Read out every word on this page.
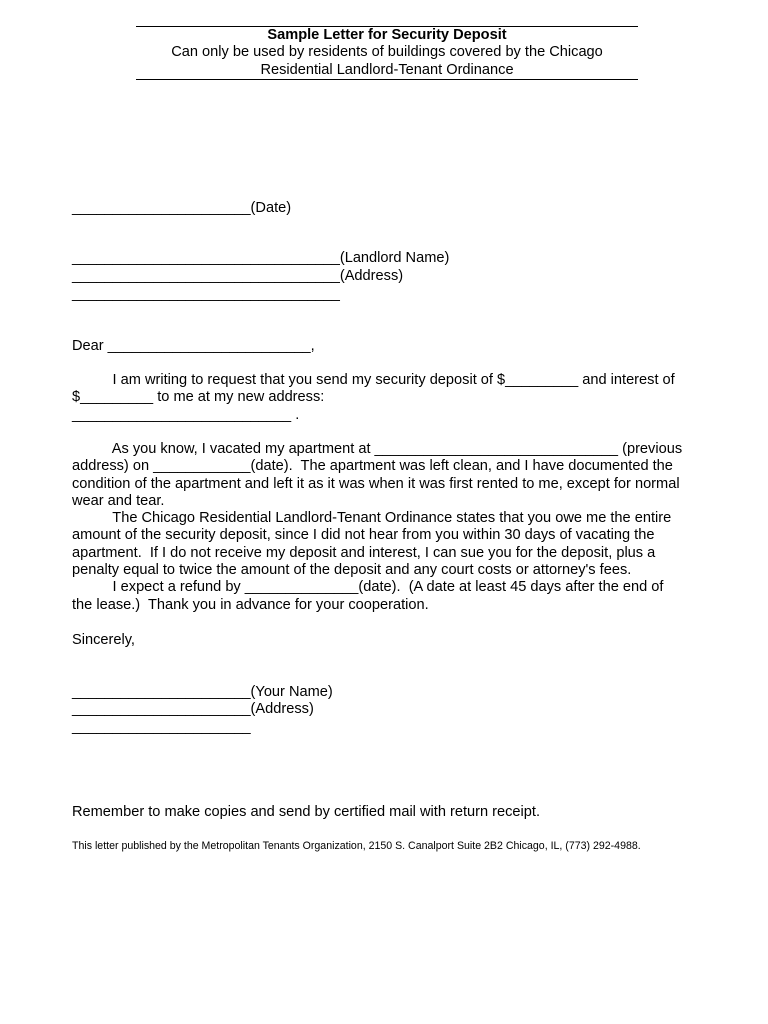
Sample Letter for Security Deposit
Can only be used by residents of buildings covered by the Chicago
Residential Landlord-Tenant Ordinance
______________________(Date)
_________________________________(Landlord Name)
_________________________________(Address)
_________________________________
Dear _________________________,
I am writing to request that you send my security deposit of $_________ and interest of
$_________ to me at my new address:
___________________________ .
As you know, I vacated my apartment at ______________________________ (previous
address) on ____________(date).  The apartment was left clean, and I have documented the
condition of the apartment and left it as it was when it was first rented to me, except for normal
wear and tear.
The Chicago Residential Landlord-Tenant Ordinance states that you owe me the entire
amount of the security deposit, since I did not hear from you within 30 days of vacating the
apartment.  If I do not receive my deposit and interest, I can sue you for the deposit, plus a
penalty equal to twice the amount of the deposit and any court costs or attorney's fees.
I expect a refund by ______________(date).  (A date at least 45 days after the end of
the lease.)  Thank you in advance for your cooperation.
Sincerely,
______________________(Your Name)
______________________(Address)
______________________
Remember to make copies and send by certified mail with return receipt.
This letter published by the Metropolitan Tenants Organization, 2150 S. Canalport Suite 2B2 Chicago, IL, (773) 292-4988.
